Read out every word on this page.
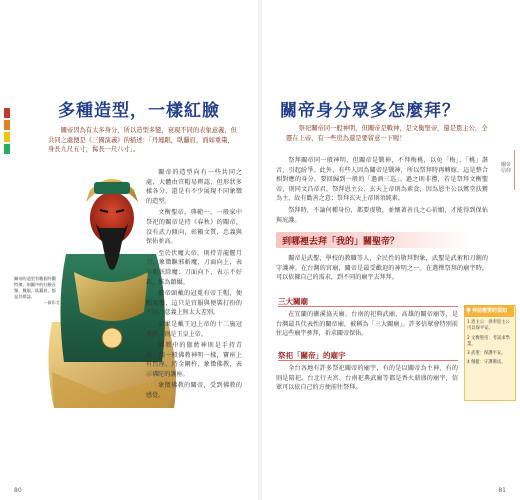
多種造型，一樣紅臉
關帝因為有太多身分，所以造型多變，衰現不同的表象意義，但共同之處便是《三國演義》的描述：「丹鳳眼，臥蠶眉，面如重棗，身長九尺五寸，髯長一尺八寸」。
關帝的造型有數個外觀特徵，如圖中的紅臉長鬚、鳳眼、臥蠶眉，都是其標誌。
—攝影者

關帝的造型向有一些共同之處，大體由官帽易辨認，但形狀多樣各分，還是有不少展現不同象徵的造型。

文衡聖帝，典範一，一般家中祭祀的關帝是持《春秋》的關帝，沒有武力傾向，彰顯文質，忠義與保佑並高。

至於伏魔大帝，則持青龍偃月刀，象徵驅邪斬魔，刀面向上，表示斬妖除魔；刀面向下，表示不好殺，惟為鎮懾。

關帝頭戴的冠冕有帝王帽，便帽兩種，這只是官服與便裝打扮的不同，意義上無太大差別。

如果是戴王冠上帝的十二旒冠冕圖，則是玉皇上帝。

佛教中的伽藍神則是手持青龍，跟一般佛教神明一樣，寶座上有台座，持金鋼杵，象徵佛教，表示佛陀的護座。

象徵佛教的關帝，受到佛教的感覺。

80
關帝身分眾多怎麼拜？
祭祀關帝同一般神明，但關帝是戰神，是文衡聖帝，還是恩主公，全靈在上帝，有一些房為還是要留意一下喔！
關帝信仰

祭拜關帝同一般神明，但關帝是戰神，不拜梅桃，以免「梅」、「桃」諧音，引起紛爭。此外，有些人因為關帝是戰神，所以祭拜時再轉嫁，這是整合相對應的身分，要回歸到一般的「過酒三巡」。過之則非禮，若是祭拜文衡聖帝，則同文昌帝君。祭拜恩主公、玄天上帝則為素食，因為恩主公以鸞堂扶鸞為主，故有勸善之意；祭拜玄天上帝則須純素。

祭拜時，不論何種身份，都要虔敬，並懷著善良之心祈願，才能得到保佑與庇護。

到哪裡去拜「我的」關聖帝？
關帝是武聖，學校的教職等人，全民性的敬拜對象，武聖是武術和刀劍的守護神。在台灣的宮廟，關帝是最受歡迎的神明之一。在選擇祭拜的廟宇時，可以依據自己的需求，到不同的廟宇去拜拜。
三大關廟
在宜蘭的礁溪協天廟、台南的祀典武廟、高雄的關帝廟等，是台灣最具代表性的關帝廟，被稱為「三大關廟」。許多信眾會特別前往這些廟宇參拜，祈求關帝保佑。
祭祀「關帝」的廟宇
全台各地有許多祭祀關帝的廟宇，有的是以關帝為主神，有的則是陪祀。台北行天宮、台南祀典武廟等都是香火鼎盛的廟宇，信眾可以依自己的方便前往祭拜。
拜前需要的須知

1 恩主公：供奉恩主公可以保平安。

2 文衡聖帝：考試求學業。

3 武聖：保護平安。

4 伽藍：守護佛法。

81
